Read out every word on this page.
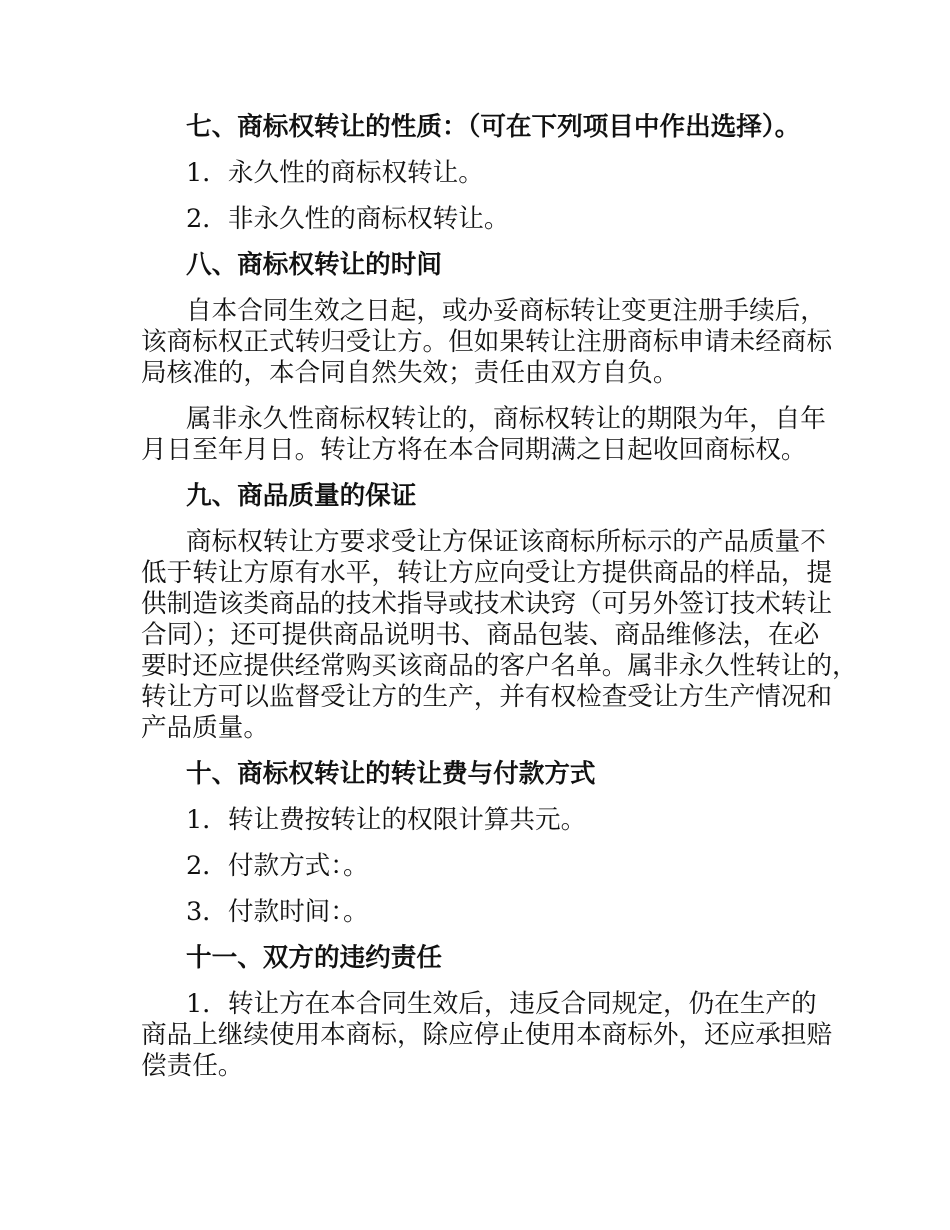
七、商标权转让的性质：（可在下列项目中作出选择）。
1．永久性的商标权转让。
2．非永久性的商标权转让。
八、商标权转让的时间
自本合同生效之日起，或办妥商标转让变更注册手续后，
该商标权正式转归受让方。但如果转让注册商标申请未经商标
局核准的，本合同自然失效；责任由双方自负。
属非永久性商标权转让的，商标权转让的期限为年，自年
月日至年月日。转让方将在本合同期满之日起收回商标权。
九、商品质量的保证
商标权转让方要求受让方保证该商标所标示的产品质量不
低于转让方原有水平，转让方应向受让方提供商品的样品，提
供制造该类商品的技术指导或技术诀窍（可另外签订技术转让
合同）；还可提供商品说明书、商品包装、商品维修法，在必
要时还应提供经常购买该商品的客户名单。属非永久性转让的，
转让方可以监督受让方的生产，并有权检查受让方生产情况和
产品质量。
十、商标权转让的转让费与付款方式
1．转让费按转让的权限计算共元。
2．付款方式：。
3．付款时间：。
十一、双方的违约责任
1．转让方在本合同生效后，违反合同规定，仍在生产的
商品上继续使用本商标，除应停止使用本商标外，还应承担赔
偿责任。
